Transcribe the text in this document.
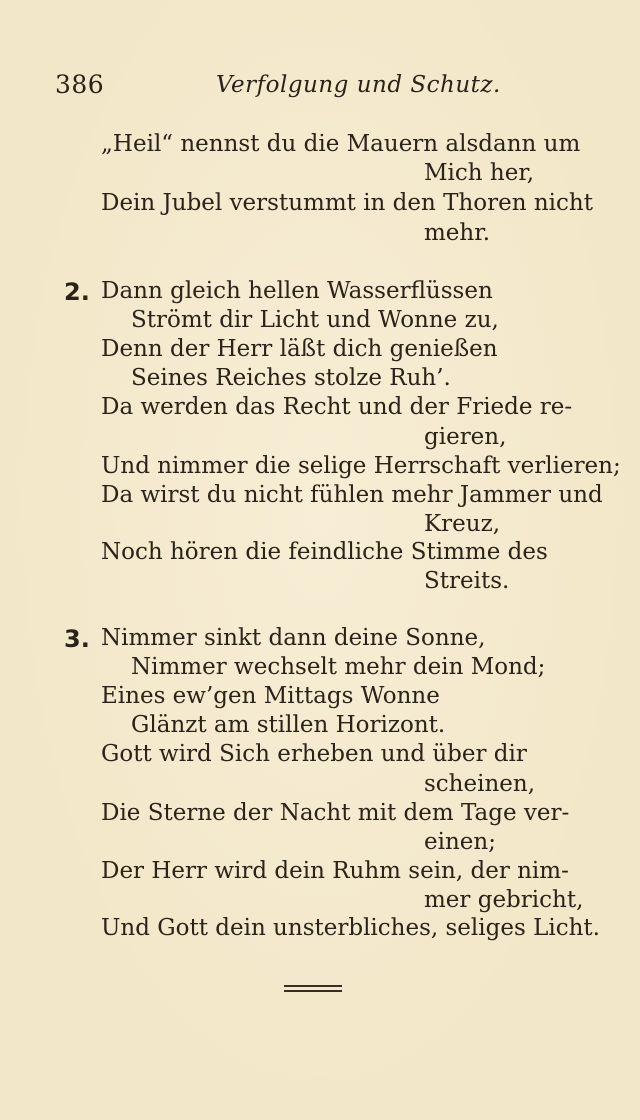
386	Verfolgung und Schutz.
„Heil“ nennst du die Mauern alsdann um
Mich her,
Dein Jubel verstummt in den Thoren nicht
mehr.
2. Dann gleich hellen Wasserflüssen
Strömt dir Licht und Wonne zu,
Denn der Herr läßt dich genießen
Seines Reiches stolze Ruh’.
Da werden das Recht und der Friede re-
gieren,
Und nimmer die selige Herrschaft verlieren;
Da wirst du nicht fühlen mehr Jammer und
Kreuz,
Noch hören die feindliche Stimme des
Streits.
3. Nimmer sinkt dann deine Sonne,
Nimmer wechselt mehr dein Mond;
Eines ew’gen Mittags Wonne
Glänzt am stillen Horizont.
Gott wird Sich erheben und über dir
scheinen,
Die Sterne der Nacht mit dem Tage ver-
einen;
Der Herr wird dein Ruhm sein, der nim-
mer gebricht,
Und Gott dein unsterbliches, seliges Licht.
